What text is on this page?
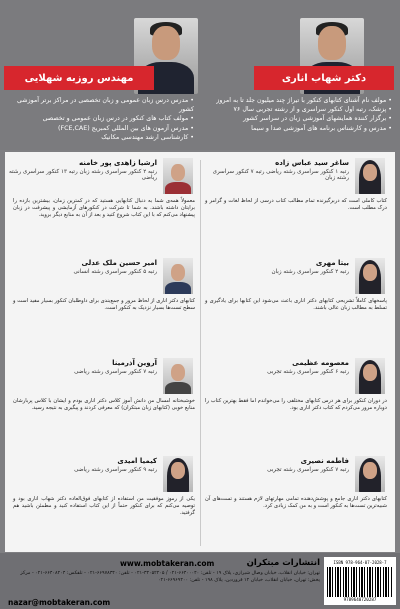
دکتر شهاب اناری
• مولف نام آشنای کتابهای کنکور با تیراژ چند میلیون جلد تا به امروز
• پزشک، رتبه اول کنکور سراسری و از رشته تجربی سال ۷۶
• برگزار کننده همایشهای آموزشی زبان در سراسر کشور
• مدرس و کارشناس برنامه های آموزشی صدا و سیما
مهندس روزبه شهلایی
• مدرس درس زبان عمومی و زبان تخصصی در مراکز برتر آموزشی کشور
• مولف کتاب های کنکور در درس زبان عمومی و تخصصی
• مدرس آزمون های بین المللی کمبریج (FCE,CAE)
• کارشناسی ارشد مهندسی مکانیک
ساغر سید عباس زاده
رتبه ۱ کنکور سراسری رشته ریاضی رتبه ۷ کنکور سراسری رشته زبان
کتاب کاملی است که دربرگیرنده تمام مطالب کتاب درسی از لحاظ لغات و گرامر و درک مطلب است.
ارشیا زاهدی پور خامنه
رتبه ۲ کنکور سراسری رشته زبان رتبه ۱۳ کنکور سراسری رشته ریاضی
معمولاً همه‌ی شما به دنبال کتابهایی هستید که در کمترین زمان، بیشترین بازده را برایتان داشته باشند. به شما تا شرکت در کنکورهای آزمایشی و پیشرفت در زبان پیشنهاد می‌کنم که با این کتاب شروع کنید و بعد از آن به منابع دیگر بروید.
بیتا مهری
رتبه ۲ کنکور سراسری رشته زبان
پاسخهای کاملاً تشریحی کتابهای دکتر اناری باعث می‌شود این کتابها برای یادگیری و تسلط به مطالب زبان عالی باشند.
امیر حسین ملک عدلی
رتبه ۵ کنکور سراسری رشته انسانی
کتابهای دکتر اناری از لحاظ مرور و جمع‌بندی برای داوطلبان کنکور بسیار مفید است و سطح تست‌ها بسیار نزدیک به کنکور است.
معصومه عظیمی
رتبه ۶ کنکور سراسری رشته تجربی
در دوران کنکور برای هر درس کتابهای مختلفی را می‌خواندم اما فقط بهترین کتاب را دوباره مرور می‌کردم که کتاب دکتر اناری بود.
آروین آذرمینا
رتبه ۷ کنکور سراسری رشته ریاضی
خوشبختانه امسال من دانش آموز کلاس دکتر اناری بودم و ایشان با کلاس پربارشان منابع خوبی (کتابهای زبان مبتکران) که معرفی کردند و پیگیری به نتیجه رسید.
فاطمه نصیری
رتبه ۷ کنکور سراسری رشته تجربی
کتابهای دکتر اناری جامع و پوشش‌دهنده تمامی مهارتهای لازم هستند و تست‌های آن شبیه‌ترین تست‌ها به کنکور است و به من کمک زیادی کرد.
کیمیا امیدی
رتبه ۹ کنکور سراسری رشته ریاضی
یکی از رموز موفقیت من استفاده از کتابهای فوق‌العاده دکتر شهاب اناری بود و توصیه می‌کنم که برای کنکور حتماً از این کتاب استفاده کنید و مطمئن باشید هم گرفتید.
انتشارات مبتکران
www.mobtakeran.com
تهران: خیابان انقلاب، خیابان وصال شیرازی، پلاک ۱۹ - تلفن: ۶۶۴۰۰۰۴۰-۰۲۱ / ۳۴۰۵۲۲۰۵-۰۲۱ - تلفن: ۶۶۹۷۸۳۴۰-۰۲۱ - تلفکس: ۶۶۴۰۸۲۰۴-۰۲۱ - مرکز پخش: تهران، خیابان انقلاب، خیابان ۱۲ فروردین، پلاک ۱۹۸ - تلفن: ۶۶۹۶۹۴۰۰-۰۲۱
nazar@mobtakeran.com
ISBN 978-964-07-2028-7
9789640720287
